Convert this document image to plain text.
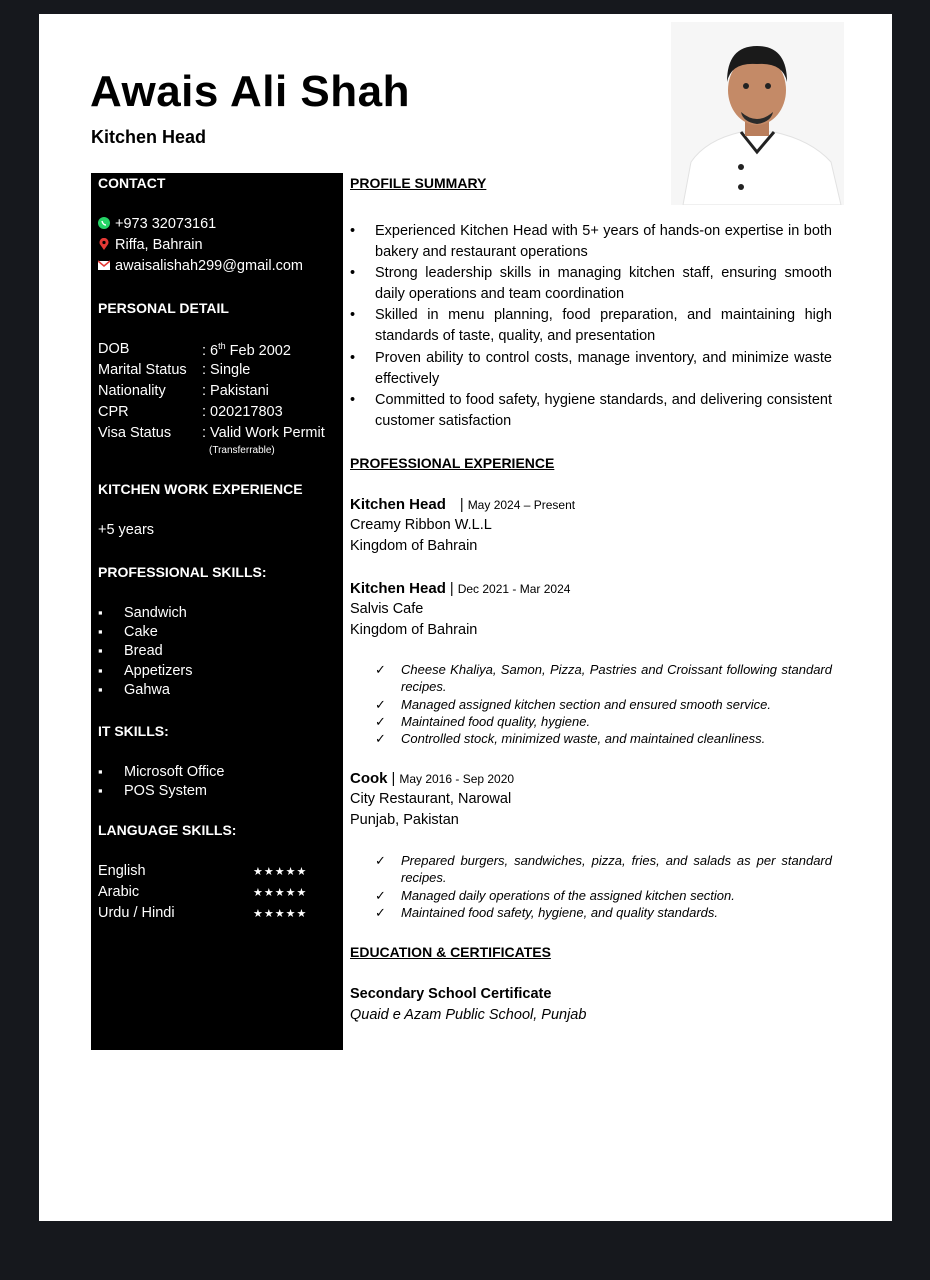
Awais Ali Shah
Kitchen Head
CONTACT
+973 32073161
Riffa, Bahrain
awaisalishah299@gmail.com
PERSONAL DETAIL
DOB	: 6th Feb 2002
Marital Status : Single
Nationality	: Pakistani
CPR	: 020217803
Visa Status : Valid Work Permit
(Transferrable)
KITCHEN WORK EXPERIENCE
+5 years
PROFESSIONAL SKILLS:
Sandwich
Cake
Bread
Appetizers
Gahwa
IT SKILLS:
Microsoft Office
POS System
LANGUAGE SKILLS:
English	★★★★★
Arabic	★★★★★
Urdu / Hindi	★★★★★
PROFILE SUMMARY
• Experienced Kitchen Head with 5+ years of hands-on expertise in both bakery and restaurant operations
• Strong leadership skills in managing kitchen staff, ensuring smooth daily operations and team coordination
• Skilled in menu planning, food preparation, and maintaining high standards of taste, quality, and presentation
• Proven ability to control costs, manage inventory, and minimize waste effectively
• Committed to food safety, hygiene standards, and delivering consistent customer satisfaction
PROFESSIONAL EXPERIENCE
Kitchen Head | May 2024 – Present
Creamy Ribbon W.L.L
Kingdom of Bahrain
Kitchen Head | Dec 2021 - Mar 2024
Salvis Cafe
Kingdom of Bahrain
✓ Cheese Khaliya, Samon, Pizza, Pastries and Croissant following standard recipes.
✓ Managed assigned kitchen section and ensured smooth service.
✓ Maintained food quality, hygiene.
✓ Controlled stock, minimized waste, and maintained cleanliness.
Cook | May 2016 - Sep 2020
City Restaurant, Narowal
Punjab, Pakistan
✓ Prepared burgers, sandwiches, pizza, fries, and salads as per standard recipes.
✓ Managed daily operations of the assigned kitchen section.
✓ Maintained food safety, hygiene, and quality standards.
EDUCATION & CERTIFICATES
Secondary School Certificate
Quaid e Azam Public School, Punjab
